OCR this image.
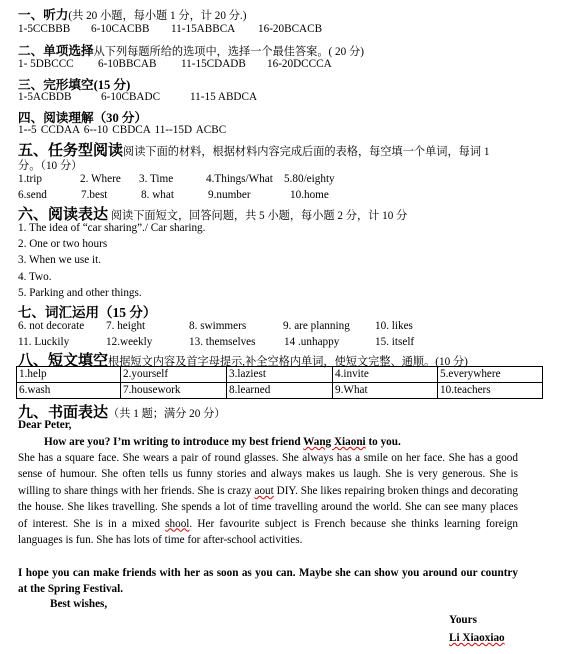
一、听力(共 20 小题，每小题 1 分，计 20 分.)
1-5CCBBB 6-10CACBB 11-15ABBCA 16-20BCACB
二、单项选择从下列每题所给的选项中，选择一个最佳答案。( 20 分)
1- 5DBCCC 6-10BBCAB 11-15CDADB 16-20DCCCA
三、完形填空(15 分)
1-5ACBDB	6-10CBADC	11-15 ABDCA
四、阅读理解（30 分）
1--5 CCDAA 6--10 CBDCA 11--15D ACBC
五、任务型阅读阅读下面的材料，根据材料内容完成后面的表格，每空填一个单词，每词 1
分。（10 分）
1.trip	2. Where 3. Time	4.Things/What 5.80/eighty
6.send	7.best	8. what	9.number	10.home
六、阅读表达 阅读下面短文，回答问题，共 5 小题，每小题 2 分，计 10 分
1. The idea of “car sharing”./ Car sharing.
2. One or two hours
3. When we use it.
4. Two.
5. Parking and other things.
七、词汇运用（15 分）
6. not decorate 7. height	8. swimmers	9. are planning 10. likes
11. Luckily	12.weekly	13. themselves	14 .unhappy	15. itself
八、短文填空根据短文内容及首字母提示,补全空格内单词，使短文完整、通顺。(10 分)
1.help	2.yourself	3.laziest	4.invite	5.everywhere
6.wash	7.housework	8.learned	9.What	10.teachers
九、书面表达（共 1 题；满分 20 分）
Dear Peter,
How are you? I’m writing to introduce my best friend Wang Xiaoni to you.
She has a square face. She wears a pair of round glasses. She always has a smile on her face. She has a good sense of humour. She often tells us funny stories and always makes us laugh. She is very generous. She is willing to share things with her friends. She is crazy aout DIY. She likes repairing broken things and decorating the house. She likes travelling. She spends a lot of time travelling around the world. She can see many places of interest. She is in a mixed shool. Her favourite subject is French because she thinks learning foreign languages is fun. She has lots of time for after-school activities.
I hope you can make friends with her as soon as you can. Maybe she can show you around our country at the Spring Festival.
Best wishes,
Yours
Li Xiaoxiao
